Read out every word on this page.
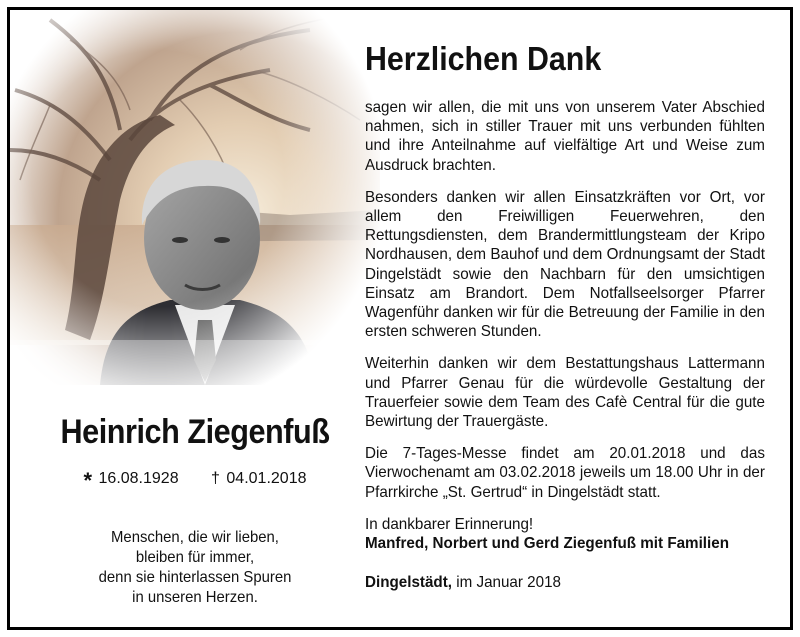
Heinrich Ziegenfuß
* 16.08.1928 † 04.01.2018
Menschen, die wir lieben,
bleiben für immer,
denn sie hinterlassen Spuren
in unseren Herzen.
Herzlichen Dank

sagen wir allen, die mit uns von unserem Vater Abschied nahmen, sich in stiller Trauer mit uns verbunden fühlten und ihre Anteilnahme auf vielfältige Art und Weise zum Ausdruck brachten.

Besonders danken wir allen Einsatzkräften vor Ort, vor allem den Freiwilligen Feuerwehren, den Rettungsdiensten, dem Brandermittlungsteam der Kripo Nordhausen, dem Bauhof und dem Ordnungsamt der Stadt Dingelstädt sowie den Nachbarn für den umsichtigen Einsatz am Brandort. Dem Notfallseelsorger Pfarrer Wagenführ danken wir für die Betreuung der Familie in den ersten schweren Stunden.

Weiterhin danken wir dem Bestattungshaus Lattermann und Pfarrer Genau für die würdevolle Gestaltung der Trauerfeier sowie dem Team des Cafè Central für die gute Bewirtung der Trauergäste.

Die 7-Tages-Messe findet am 20.01.2018 und das Vierwochenamt am 03.02.2018 jeweils um 18.00 Uhr in der Pfarrkirche „St. Gertrud“ in Dingelstädt statt.

In dankbarer Erinnerung!
Manfred, Norbert und Gerd Ziegenfuß mit Familien

Dingelstädt, im Januar 2018
